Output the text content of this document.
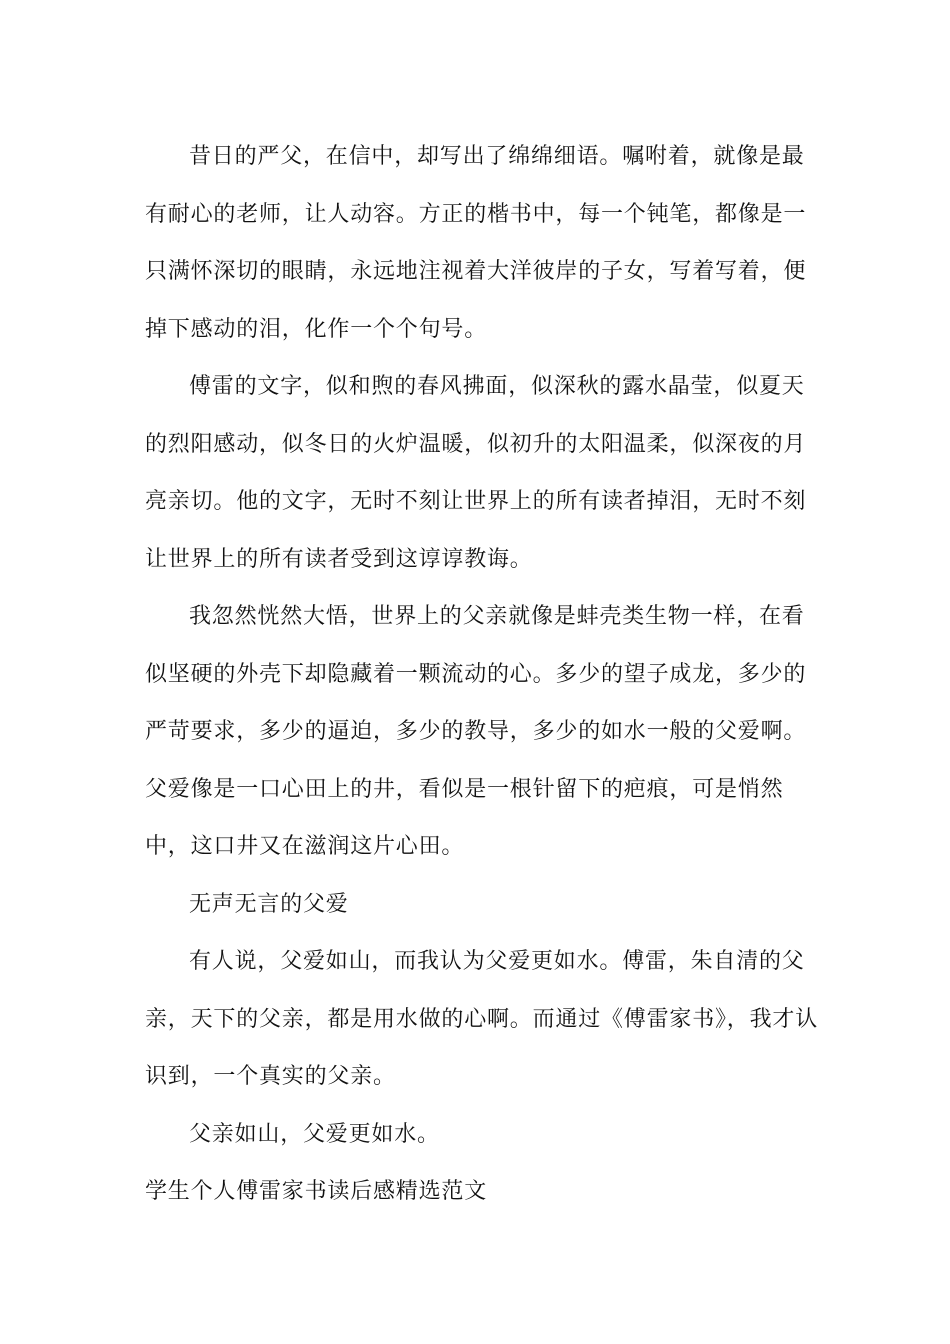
昔日的严父，在信中，却写出了绵绵细语。嘱咐着，就像是最有耐心的老师，让人动容。方正的楷书中，每一个钝笔，都像是一只满怀深切的眼睛，永远地注视着大洋彼岸的子女，写着写着，便掉下感动的泪，化作一个个句号。

傅雷的文字，似和煦的春风拂面，似深秋的露水晶莹，似夏天的烈阳感动，似冬日的火炉温暖，似初升的太阳温柔，似深夜的月亮亲切。他的文字，无时不刻让世界上的所有读者掉泪，无时不刻让世界上的所有读者受到这谆谆教诲。

我忽然恍然大悟，世界上的父亲就像是蚌壳类生物一样，在看似坚硬的外壳下却隐藏着一颗流动的心。多少的望子成龙，多少的严苛要求，多少的逼迫，多少的教导，多少的如水一般的父爱啊。父爱像是一口心田上的井，看似是一根针留下的疤痕，可是悄然中，这口井又在滋润这片心田。

无声无言的父爱

有人说，父爱如山，而我认为父爱更如水。傅雷，朱自清的父亲，天下的父亲，都是用水做的心啊。而通过《傅雷家书》，我才认识到，一个真实的父亲。

父亲如山，父爱更如水。

学生个人傅雷家书读后感精选范文
